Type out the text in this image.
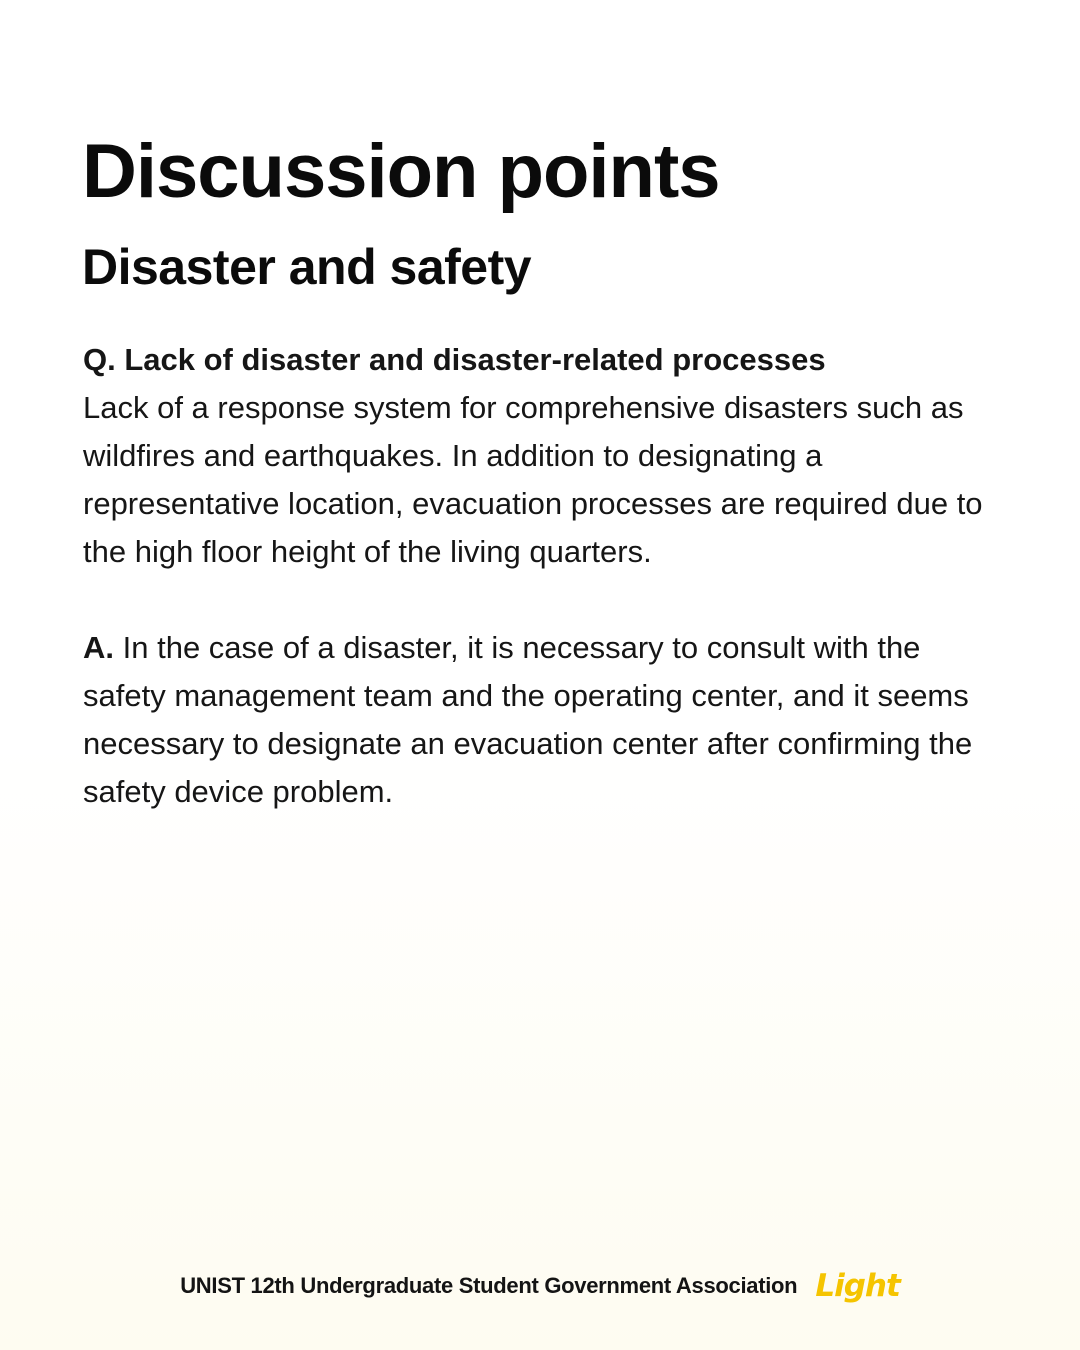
Discussion points
Disaster and safety

Q. Lack of disaster and disaster-related processes

Lack of a response system for comprehensive disasters such as wildfires and earthquakes. In addition to designating a representative location, evacuation processes are required due to the high floor height of the living quarters.

A. In the case of a disaster, it is necessary to consult with the safety management team and the operating center, and it seems necessary to designate an evacuation center after confirming the safety device problem.

UNIST 12th Undergraduate Student Government Association Light
